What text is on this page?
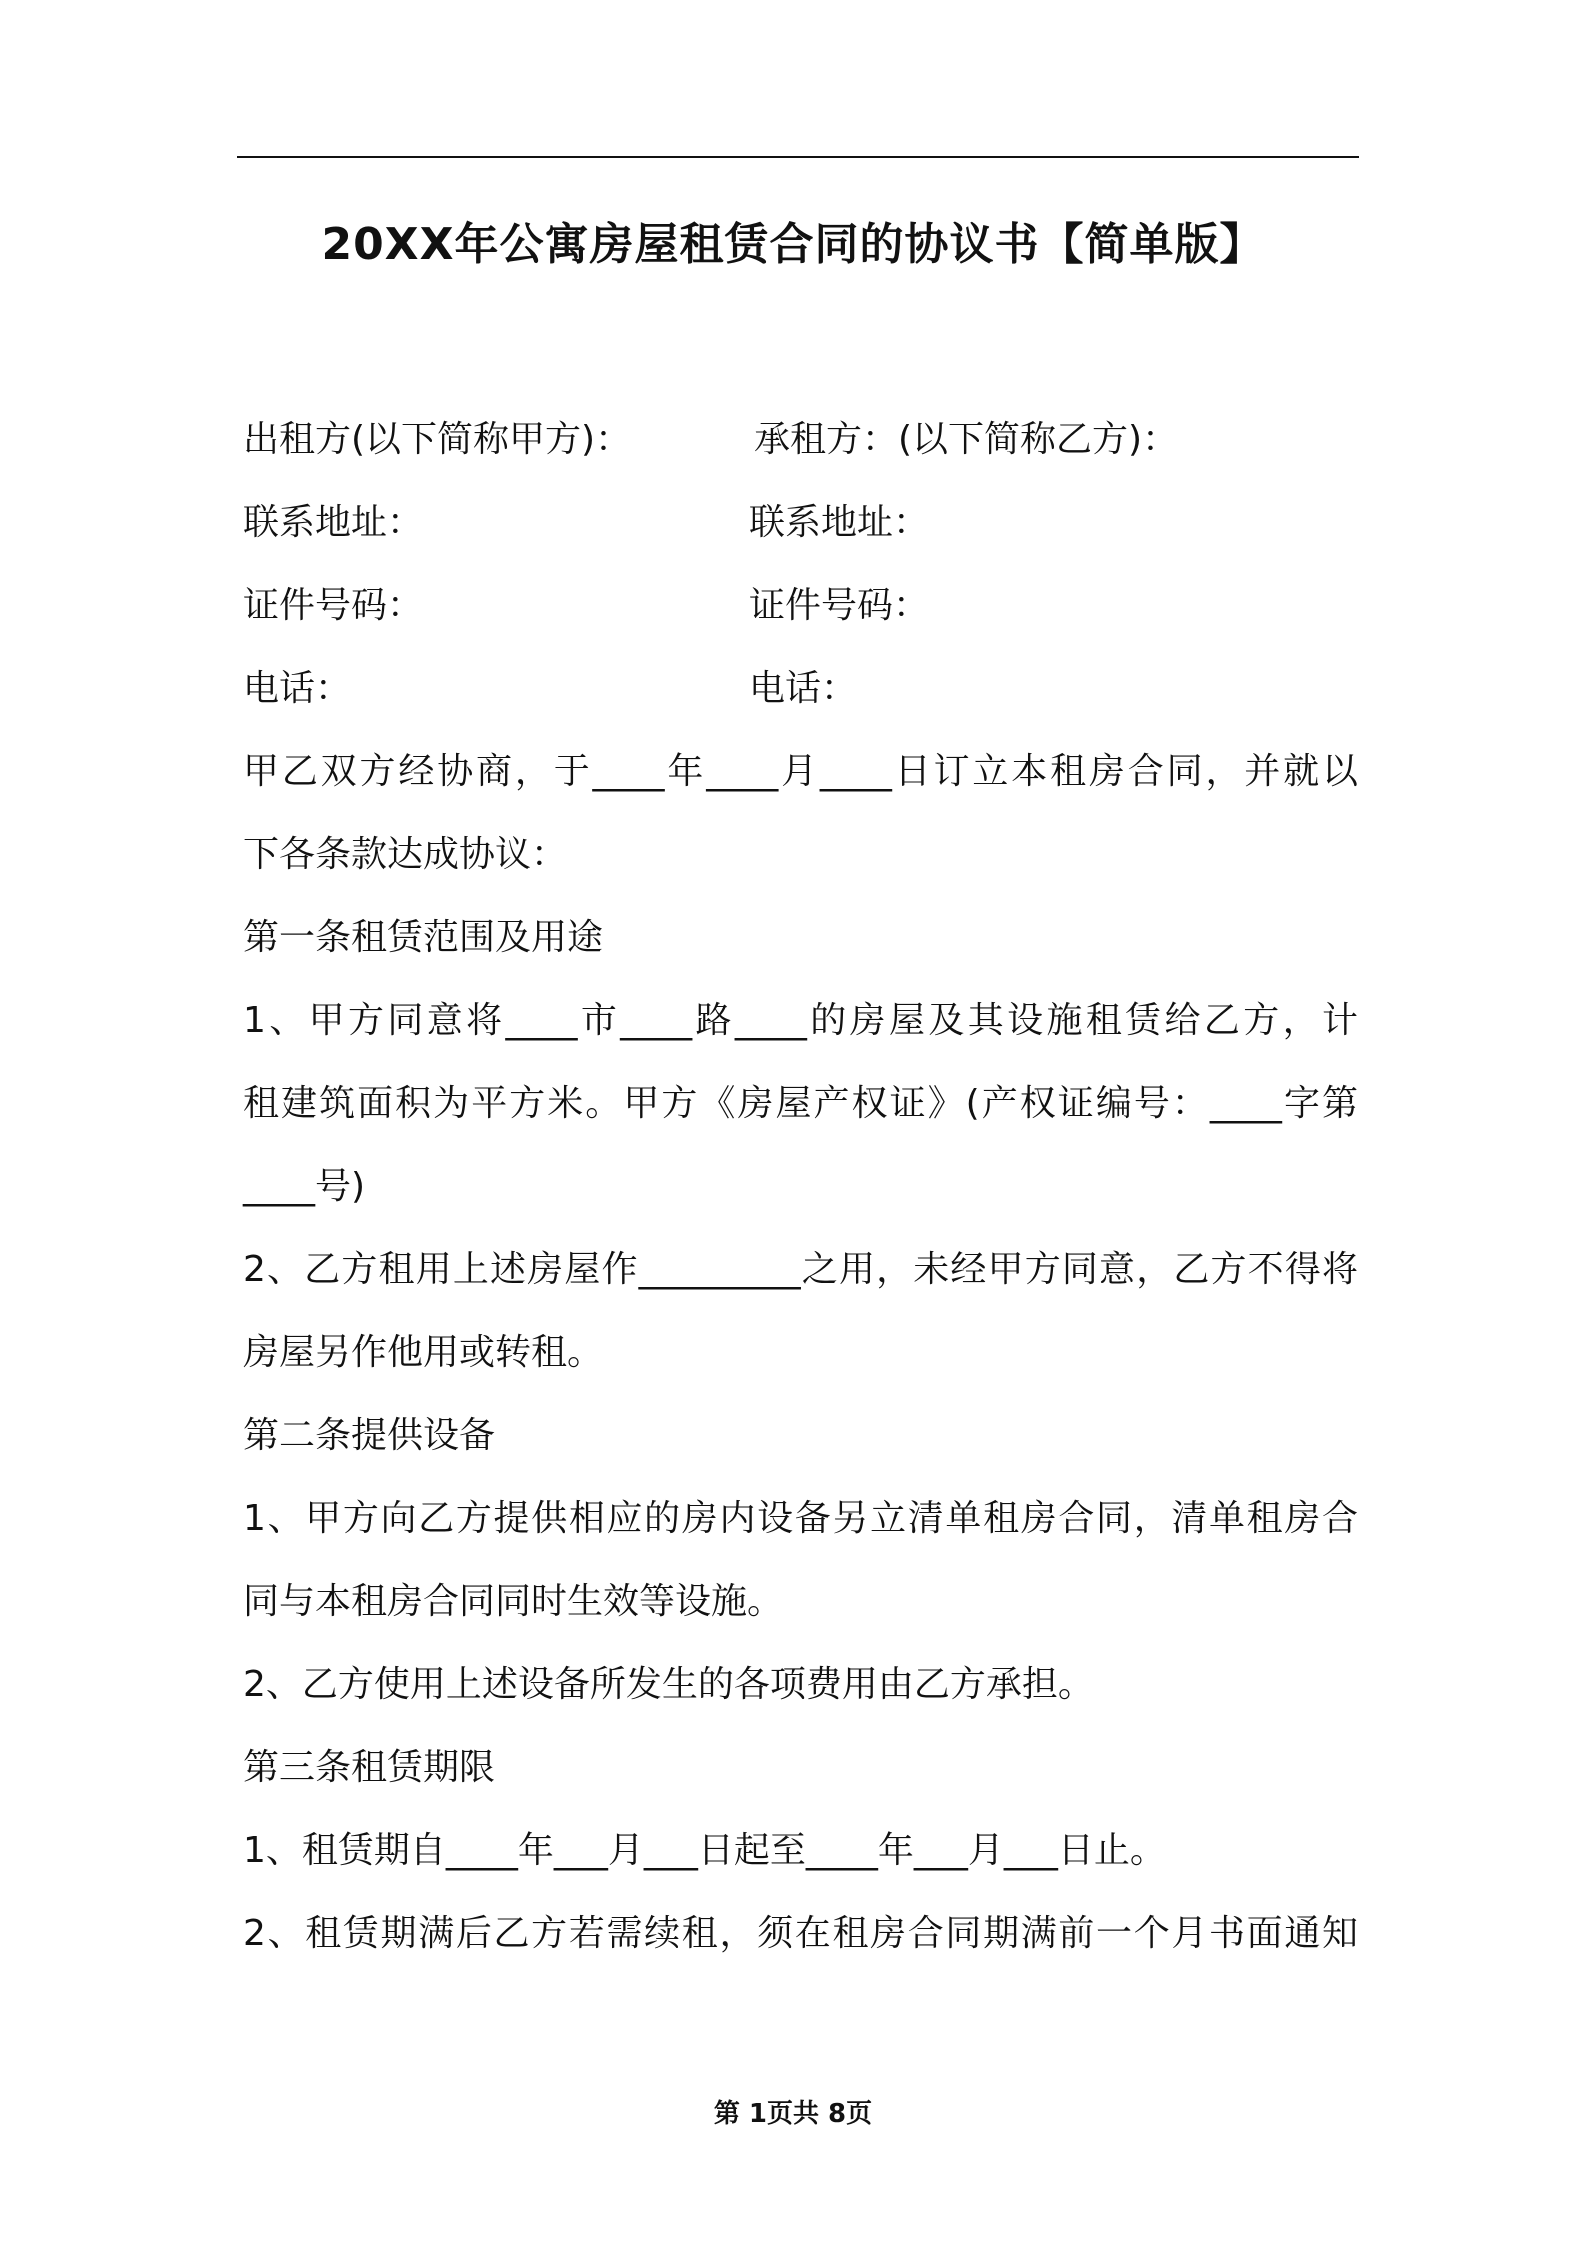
20XX年公寓房屋租赁合同的协议书【简单版】
出租方(以下简称甲方)：	承租方：(以下简称乙方)：
联系地址：	联系地址：
证件号码：	证件号码：
电话：	电话：
甲乙双方经协商，于____年____月____日订立本租房合同，并就以
下各条款达成协议：
第一条租赁范围及用途
1、甲方同意将____市____路____的房屋及其设施租赁给乙方，计
租建筑面积为平方米。甲方《房屋产权证》(产权证编号：____字第
____号)
2、乙方租用上述房屋作_________之用，未经甲方同意，乙方不得将
房屋另作他用或转租。
第二条提供设备
1、甲方向乙方提供相应的房内设备另立清单租房合同，清单租房合
同与本租房合同同时生效等设施。
2、乙方使用上述设备所发生的各项费用由乙方承担。
第三条租赁期限
1、租赁期自____年___月___日起至____年___月___日止。
2、租赁期满后乙方若需续租，须在租房合同期满前一个月书面通知
第 1页共 8页
